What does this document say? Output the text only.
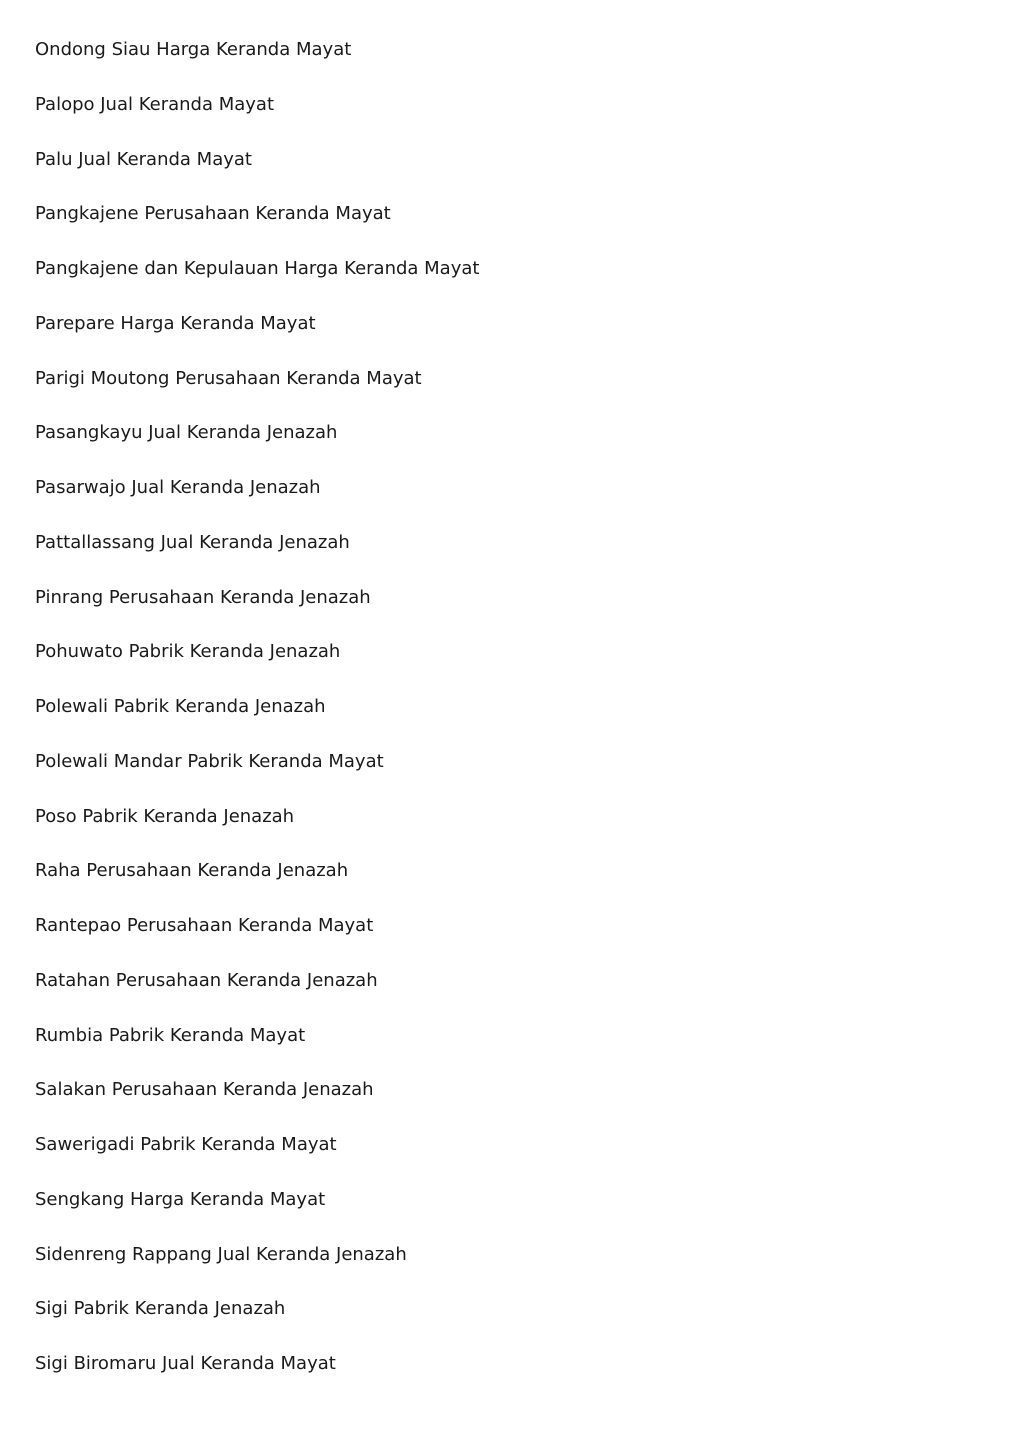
Ondong Siau Harga Keranda Mayat
Palopo Jual Keranda Mayat
Palu Jual Keranda Mayat
Pangkajene Perusahaan Keranda Mayat
Pangkajene dan Kepulauan Harga Keranda Mayat
Parepare Harga Keranda Mayat
Parigi Moutong Perusahaan Keranda Mayat
Pasangkayu Jual Keranda Jenazah
Pasarwajo Jual Keranda Jenazah
Pattallassang Jual Keranda Jenazah
Pinrang Perusahaan Keranda Jenazah
Pohuwato Pabrik Keranda Jenazah
Polewali Pabrik Keranda Jenazah
Polewali Mandar Pabrik Keranda Mayat
Poso Pabrik Keranda Jenazah
Raha Perusahaan Keranda Jenazah
Rantepao Perusahaan Keranda Mayat
Ratahan Perusahaan Keranda Jenazah
Rumbia Pabrik Keranda Mayat
Salakan Perusahaan Keranda Jenazah
Sawerigadi Pabrik Keranda Mayat
Sengkang Harga Keranda Mayat
Sidenreng Rappang Jual Keranda Jenazah
Sigi Pabrik Keranda Jenazah
Sigi Biromaru Jual Keranda Mayat
